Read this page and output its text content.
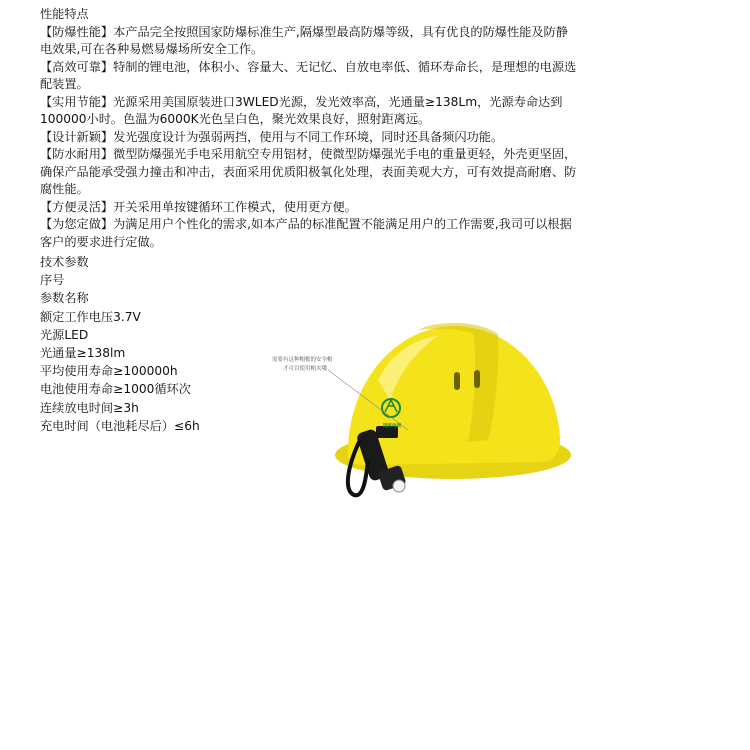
性能特点

【防爆性能】本产品完全按照国家防爆标准生产,隔爆型最高防爆等级，具有优良的防爆性能及防静电效果,可在各种易燃易爆场所安全工作。

【高效可靠】特制的锂电池，体积小、容量大、无记忆、自放电率低、循环寿命长，是理想的电源选配装置。

【实用节能】光源采用美国原装进口3WLED光源，发光效率高，光通量≥138Lm，光源寿命达到100000小时。色温为6000K光色呈白色，聚光效果良好，照射距离远。

【设计新颖】发光强度设计为强弱两挡，使用与不同工作环境，同时还具备频闪功能。

【防水耐用】微型防爆强光手电采用航空专用铝材，使微型防爆强光手电的重量更轻，外壳更坚固，确保产品能承受强力撞击和冲击，表面采用优质阳极氧化处理，表面美观大方，可有效提高耐磨、防腐性能。

【方便灵活】开关采用单按键循环工作模式，使用更方便。

【为您定做】为满足用户个性化的需求,如本产品的标准配置不能满足用户的工作需要,我司可以根据客户的要求进行定做。

技术参数

序号

参数名称

额定工作电压3.7V

光源LED

光通量≥138lm

平均使用寿命≥100000h

电池使用寿命≥1000循环次

连续放电时间≥3h

充电时间（电池耗尽后）≤6h

需要有这种帽檐的安全帽
才可以使用帽夹哦
国家电网
